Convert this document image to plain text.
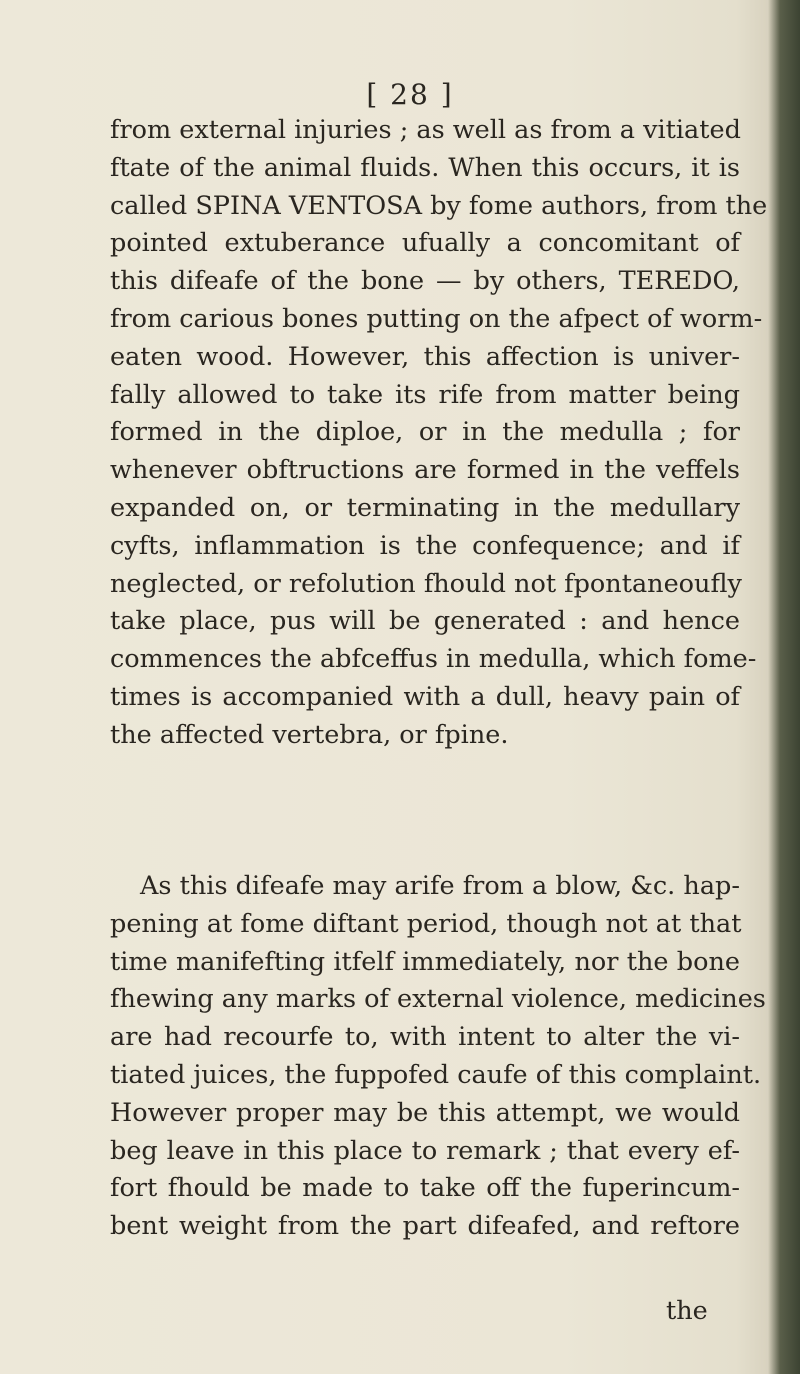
[ 28 ]
from external injuries ; as well as from a vitiated
ftate of the animal fluids. When this occurs, it is
called SPINA VENTOSA by fome authors, from the
pointed extuberance ufually a concomitant of
this difeafe of the bone — by others, TEREDO,
from carious bones putting on the afpect of worm-
eaten wood. However, this affection is univer-
fally allowed to take its rife from matter being
formed in the diploe, or in the medulla ; for
whenever obftructions are formed in the veffels
expanded on, or terminating in the medullary
cyfts, inflammation is the confequence; and if
neglected, or refolution fhould not fpontaneoufly
take place, pus will be generated : and hence
commences the abfceffus in medulla, which fome-
times is accompanied with a dull, heavy pain of
the affected vertebra, or fpine.
As this difeafe may arife from a blow, &c. hap-
pening at fome diftant period, though not at that
time manifefting itfelf immediately, nor the bone
fhewing any marks of external violence, medicines
are had recourfe to, with intent to alter the vi-
tiated juices, the fuppofed caufe of this complaint.
However proper may be this attempt, we would
beg leave in this place to remark ; that every ef-
fort fhould be made to take off the fuperincum-
bent weight from the part difeafed, and reftore
the
